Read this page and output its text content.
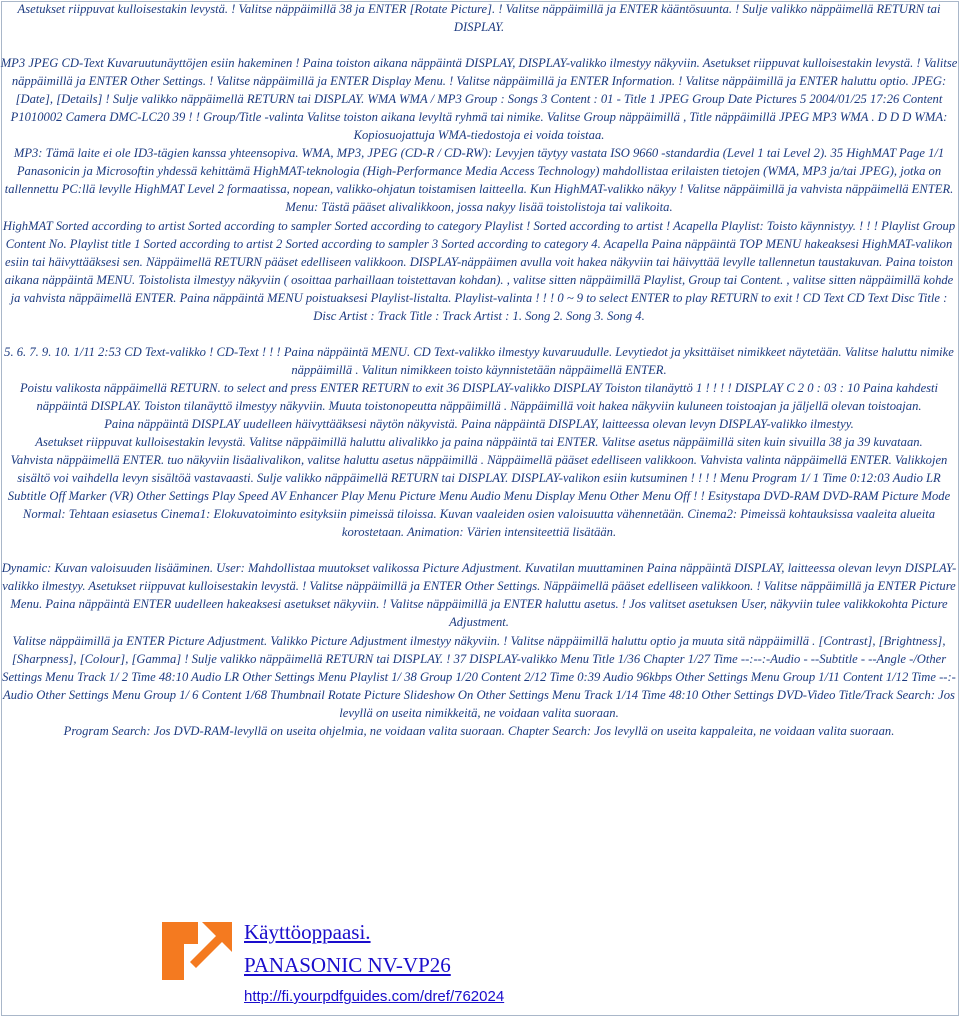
Asetukset riippuvat kulloisestakin levystä. ! Valitse näppäimillä 38 ja ENTER [Rotate Picture]. ! Valitse näppäimillä ja ENTER kääntösuunta. ! Sulje valikko näppäimellä RETURN tai DISPLAY.

MP3 JPEG CD-Text Kuvaruutunäyttöjen esiin hakeminen ! Paina toiston aikana näppäintä DISPLAY, DISPLAY-valikko ilmestyy näkyviin. Asetukset riippuvat kulloisestakin levystä. ! Valitse näppäimillä ja ENTER Other Settings. ! Valitse näppäimillä ja ENTER Display Menu. ! Valitse näppäimillä ja ENTER Information. ! Valitse näppäimillä ja ENTER haluttu optio. JPEG: [Date], [Details] ! Sulje valikko näppäimellä RETURN tai DISPLAY. WMA WMA / MP3 Group : Songs 3 Content : 01 - Title 1 JPEG Group Date Pictures 5 2004/01/25 17:26 Content P1010002 Camera DMC-LC20 39 ! ! Group/Title -valinta Valitse toiston aikana levyltä ryhmä tai nimike. Valitse Group näppäimillä , Title näppäimillä JPEG MP3 WMA . D D D WMA: Kopiosuojattuja WMA-tiedostoja ei voida toistaa.

MP3: Tämä laite ei ole ID3-tägien kanssa yhteensopiva. WMA, MP3, JPEG (CD-R / CD-RW): Levyjen täytyy vastata ISO 9660 -standardia (Level 1 tai Level 2). 35 HighMAT Page 1/1 Panasonicin ja Microsoftin yhdessä kehittämä HighMAT-teknologia (High-Performance Media Access Technology) mahdollistaa erilaisten tietojen (WMA, MP3 ja/tai JPEG), jotka on tallennettu PC:llä levylle HighMAT Level 2 formaatissa, nopean, valikko-ohjatun toistamisen laitteella. Kun HighMAT-valikko näkyy ! Valitse näppäimillä ja vahvista näppäimellä ENTER. Menu: Tästä pääset alivalikkoon, jossa nakyy lisää toistolistoja tai valikoita.

HighMAT Sorted according to artist Sorted according to sampler Sorted according to category Playlist ! Sorted according to artist ! Acapella Playlist: Toisto käynnistyy. ! ! ! Playlist Group Content No. Playlist title 1 Sorted according to artist 2 Sorted according to sampler 3 Sorted according to category 4. Acapella Paina näppäintä TOP MENU hakeaksesi HighMAT-valikon esiin tai häivyttääksesi sen. Näppäimellä RETURN pääset edelliseen valikkoon. DISPLAY-näppäimen avulla voit hakea näkyviin tai häivyttää levylle tallennetun taustakuvan. Paina toiston aikana näppäintä MENU. Toistolista ilmestyy näkyviin ( osoittaa parhaillaan toistettavan kohdan). , valitse sitten näppäimillä Playlist, Group tai Content. , valitse sitten näppäimillä kohde ja vahvista näppäimellä ENTER. Paina näppäintä MENU poistuaksesi Playlist-listalta. Playlist-valinta ! ! ! 0 ~ 9 to select ENTER to play RETURN to exit ! CD Text CD Text Disc Title : Disc Artist : Track Title : Track Artist : 1. Song 2. Song 3. Song 4.

5. 6. 7. 9. 10. 1/11 2:53 CD Text-valikko ! CD-Text ! ! ! Paina näppäintä MENU. CD Text-valikko ilmestyy kuvaruudulle. Levytiedot ja yksittäiset nimikkeet näytetään. Valitse haluttu nimike näppäimillä . Valitun nimikkeen toisto käynnistetään näppäimellä ENTER.

Poistu valikosta näppäimellä RETURN. to select and press ENTER RETURN to exit 36 DISPLAY-valikko DISPLAY Toiston tilanäyttö 1 ! ! ! ! DISPLAY C 2 0 : 03 : 10 Paina kahdesti näppäintä DISPLAY. Toiston tilanäyttö ilmestyy näkyviin. Muuta toistonopeutta näppäimillä . Näppäimillä voit hakea näkyviin kuluneen toistoajan ja jäljellä olevan toistoajan.

Paina näppäintä DISPLAY uudelleen häivyttääksesi näytön näkyvistä. Paina näppäintä DISPLAY, laitteessa olevan levyn DISPLAY-valikko ilmestyy.

Asetukset riippuvat kulloisestakin levystä. Valitse näppäimillä haluttu alivalikko ja paina näppäintä tai ENTER. Valitse asetus näppäimillä siten kuin sivuilla 38 ja 39 kuvataan.

Vahvista näppäimellä ENTER. tuo näkyviin lisäalivalikon, valitse haluttu asetus näppäimillä . Näppäimellä pääset edelliseen valikkoon. Vahvista valinta näppäimellä ENTER. Valikkojen sisältö voi vaihdella levyn sisältöä vastavaasti. Sulje valikko näppäimellä RETURN tai DISPLAY. DISPLAY-valikon esiin kutsuminen ! ! ! ! Menu Program 1/ 1 Time 0:12:03 Audio LR Subtitle Off Marker (VR) Other Settings Play Speed AV Enhancer Play Menu Picture Menu Audio Menu Display Menu Other Menu Off ! ! Esitystapa DVD-RAM DVD-RAM Picture Mode Normal: Tehtaan esiasetus Cinema1: Elokuvatoiminto esityksiin pimeissä tiloissa. Kuvan vaaleiden osien valoisuutta vähennetään. Cinema2: Pimeissä kohtauksissa vaaleita alueita korostetaan. Animation: Värien intensiteettiä lisätään.

Dynamic: Kuvan valoisuuden lisääminen. User: Mahdollistaa muutokset valikossa Picture Adjustment. Kuvatilan muuttaminen Paina näppäintä DISPLAY, laitteessa olevan levyn DISPLAY-valikko ilmestyy. Asetukset riippuvat kulloisestakin levystä. ! Valitse näppäimillä ja ENTER Other Settings. Näppäimellä pääset edelliseen valikkoon. ! Valitse näppäimillä ja ENTER Picture Menu. Paina näppäintä ENTER uudelleen hakeaksesi asetukset näkyviin. ! Valitse näppäimillä ja ENTER haluttu asetus. ! Jos valitset asetuksen User, näkyviin tulee valikkokohta Picture Adjustment.

Valitse näppäimillä ja ENTER Picture Adjustment. Valikko Picture Adjustment ilmestyy näkyviin. ! Valitse näppäimillä haluttu optio ja muuta sitä näppäimillä . [Contrast], [Brightness], [Sharpness], [Colour], [Gamma] ! Sulje valikko näppäimellä RETURN tai DISPLAY. ! 37 DISPLAY-valikko Menu Title 1/36 Chapter 1/27 Time --:--:-Audio - --Subtitle - --Angle -/Other Settings Menu Track 1/ 2 Time 48:10 Audio LR Other Settings Menu Playlist 1/ 38 Group 1/20 Content 2/12 Time 0:39 Audio 96kbps Other Settings Menu Group 1/11 Content 1/12 Time --:-Audio Other Settings Menu Group 1/ 6 Content 1/68 Thumbnail Rotate Picture Slideshow On Other Settings Menu Track 1/14 Time 48:10 Other Settings DVD-Video Title/Track Search: Jos levyllä on useita nimikkeitä, ne voidaan valita suoraan.

Program Search: Jos DVD-RAM-levyllä on useita ohjelmia, ne voidaan valita suoraan. Chapter Search: Jos levyllä on useita kappaleita, ne voidaan valita suoraan.

Käyttöoppaasi.
PANASONIC NV-VP26
http://fi.yourpdfguides.com/dref/762024
